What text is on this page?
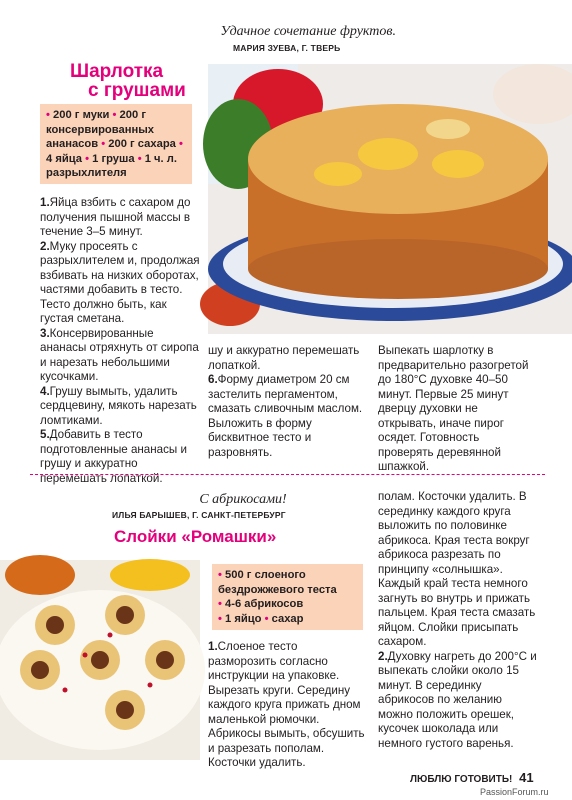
Удачное сочетание фруктов.
МАРИЯ ЗУЕВА, Г. ТВЕРЬ
Шарлотка
с грушами
• 200 г муки • 200 г консервированных ананасов • 200 г сахара • 4 яйца • 1 груша • 1 ч. л. разрыхлителя

1.Яйца взбить с сахаром до получения пышной массы в течение 3–5 минут.

2.Муку просеять с разрыхлителем и, продолжая взбивать на низких оборотах, частями добавить в тесто. Тесто должно быть, как густая сметана.

3.Консервированные ананасы отряхнуть от сиропа и нарезать небольшими кусочками.

4.Грушу вымыть, удалить сердцевину, мякоть нарезать ломтиками.

5.Добавить в тесто подготовленные ананасы и грушу и аккуратно перемешать лопаткой.

шу и аккуратно перемешать лопаткой.

6.Форму диаметром 20 см застелить пергаментом, смазать сливочным маслом. Выложить в форму бисквитное тесто и разровнять.

Выпекать шарлотку в предварительно разогретой до 180°С духовке 40–50 минут. Первые 25 минут дверцу духовки не открывать, иначе пирог осядет. Готовность проверять деревянной шпажкой.

С абрикосами!
ИЛЬЯ БАРЫШЕВ, Г. САНКТ-ПЕТЕРБУРГ
Слойки «Ромашки»
• 500 г слоеного бездрожжевого теста
• 4-6 абрикосов
• 1 яйцо • сахар

1.Слоеное тесто разморозить согласно инструкции на упаковке. Вырезать круги. Середину каждого круга прижать дном маленькой рюмочки.

Абрикосы вымыть, обсушить и разрезать пополам. Косточки удалить.

полам. Косточки удалить. В серединку каждого круга выложить по половинке абрикоса. Края теста вокруг абрикоса разрезать по принципу «солнышка». Каждый край теста немного загнуть во внутрь и прижать пальцем. Края теста смазать яйцом. Слойки присыпать сахаром.

2.Духовку нагреть до 200°С и выпекать слойки около 15 минут. В серединку абрикосов по желанию можно положить орешек, кусочек шоколада или немного густого варенья.

ЛЮБЛЮ ГОТОВИТЬ! 41
PassionForum.ru
